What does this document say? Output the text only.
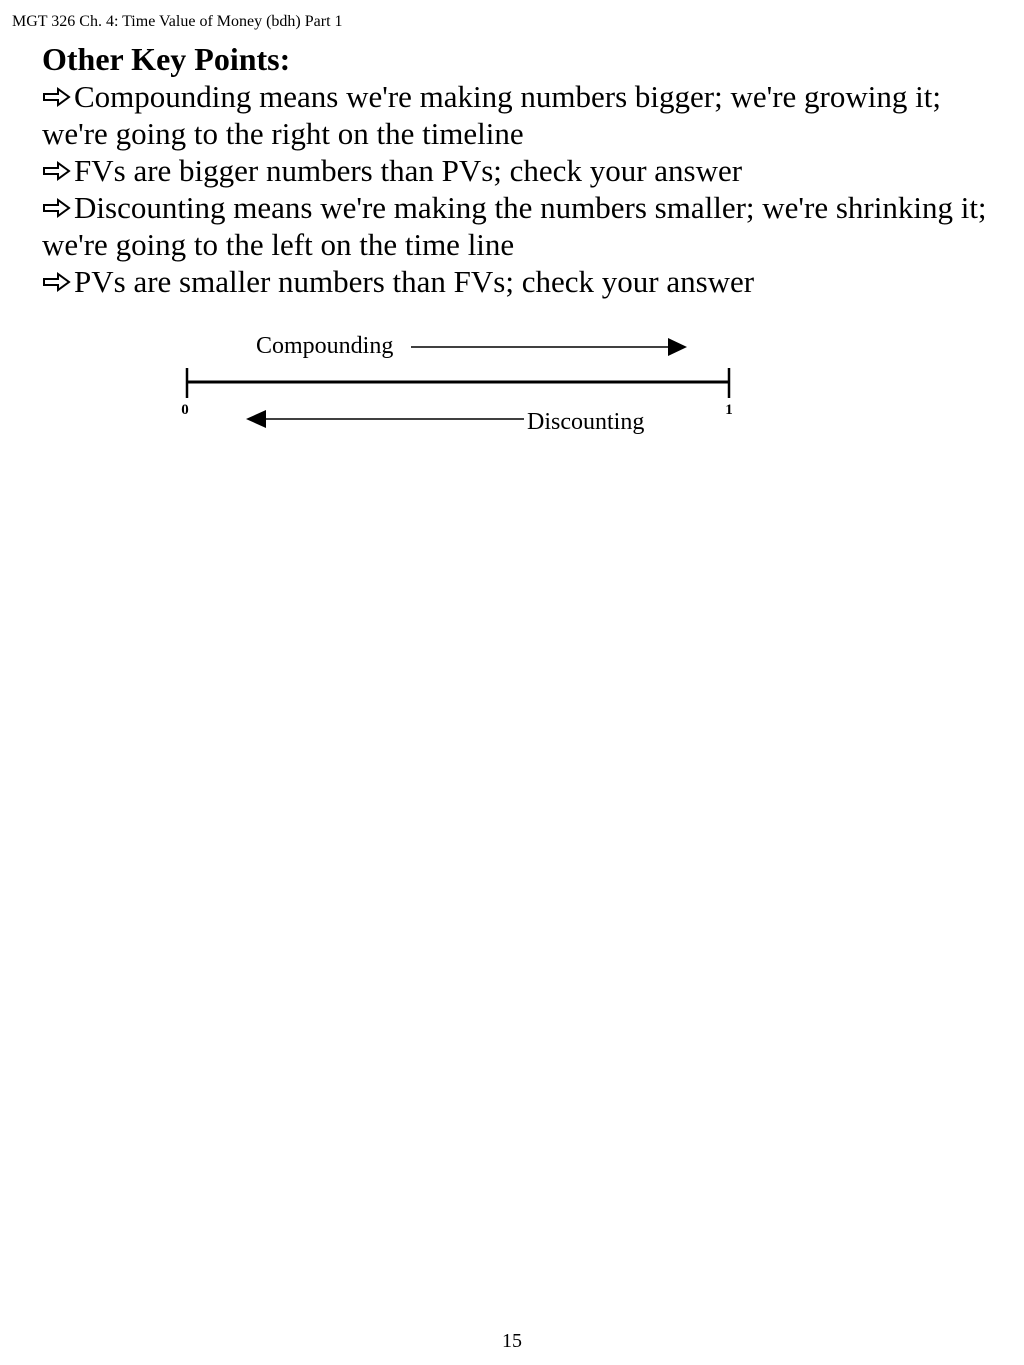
MGT 326 Ch. 4: Time Value of Money (bdh) Part 1

Other Key Points:

Compounding means we're making numbers bigger; we're growing it; we're going to the right on the timeline

FVs are bigger numbers than PVs; check your answer

Discounting means we're making the numbers smaller; we're shrinking it; we're going to the left on the time line

PVs are smaller numbers than FVs; check your answer

Compounding
0	1
Discounting
15
